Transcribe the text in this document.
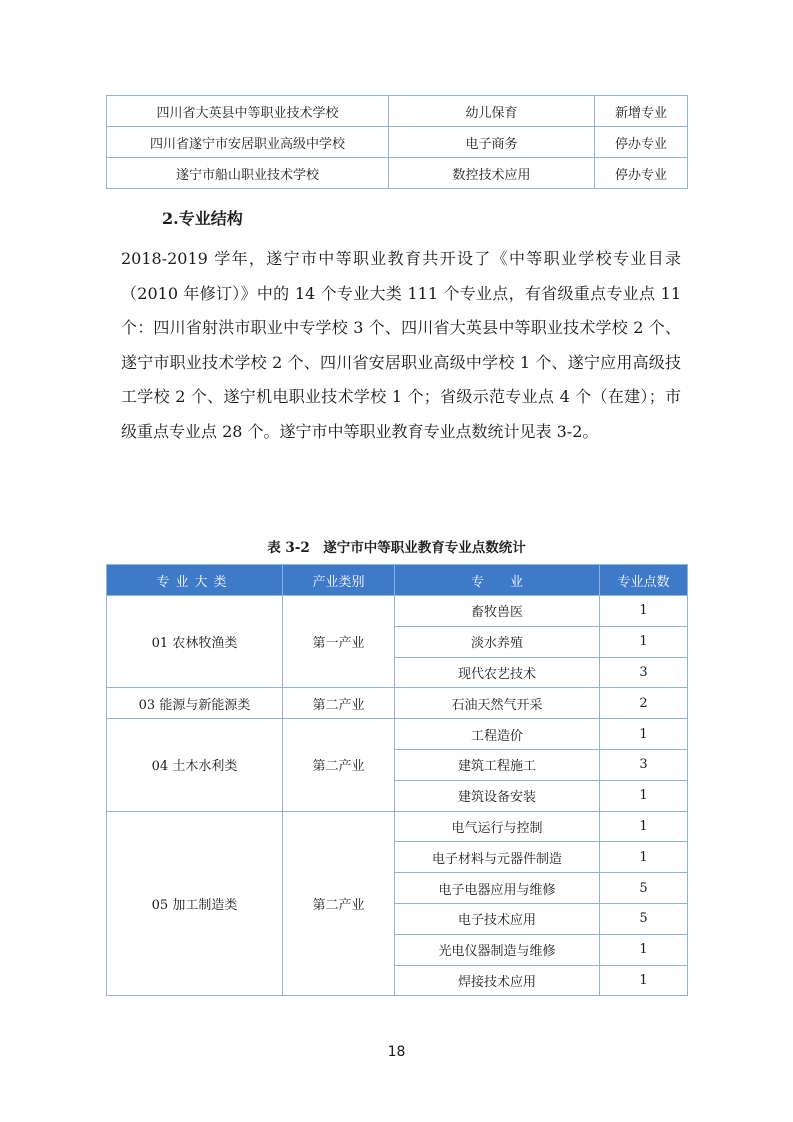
四川省大英县中等职业技术学校	幼儿保育	新增专业
四川省遂宁市安居职业高级中学校	电子商务	停办专业
遂宁市船山职业技术学校	数控技术应用	停办专业
2.专业结构

2018-2019 学年，遂宁市中等职业教育共开设了《中等职业学校专业目录（2010 年修订）》中的 14 个专业大类 111 个专业点，有省级重点专业点 11 个：四川省射洪市职业中专学校 3 个、四川省大英县中等职业技术学校 2 个、遂宁市职业技术学校 2 个、四川省安居职业高级中学校 1 个、遂宁应用高级技工学校 2 个、遂宁机电职业技术学校 1 个；省级示范专业点 4 个（在建）；市级重点专业点 28 个。遂宁市中等职业教育专业点数统计见表 3-2。

表 3-2　遂宁市中等职业教育专业点数统计

专业大类	产业类别	专　　业	专业点数
01 农林牧渔类	第一产业	畜牧兽医	1
		淡水养殖	1
		现代农艺技术	3
03 能源与新能源类	第二产业	石油天然气开采	2
04 土木水利类	第二产业	工程造价	1
		建筑工程施工	3
		建筑设备安装	1
05 加工制造类	第二产业	电气运行与控制	1
		电子材料与元器件制造	1
		电子电器应用与维修	5
		电子技术应用	5
		光电仪器制造与维修	1
		焊接技术应用	1

18
